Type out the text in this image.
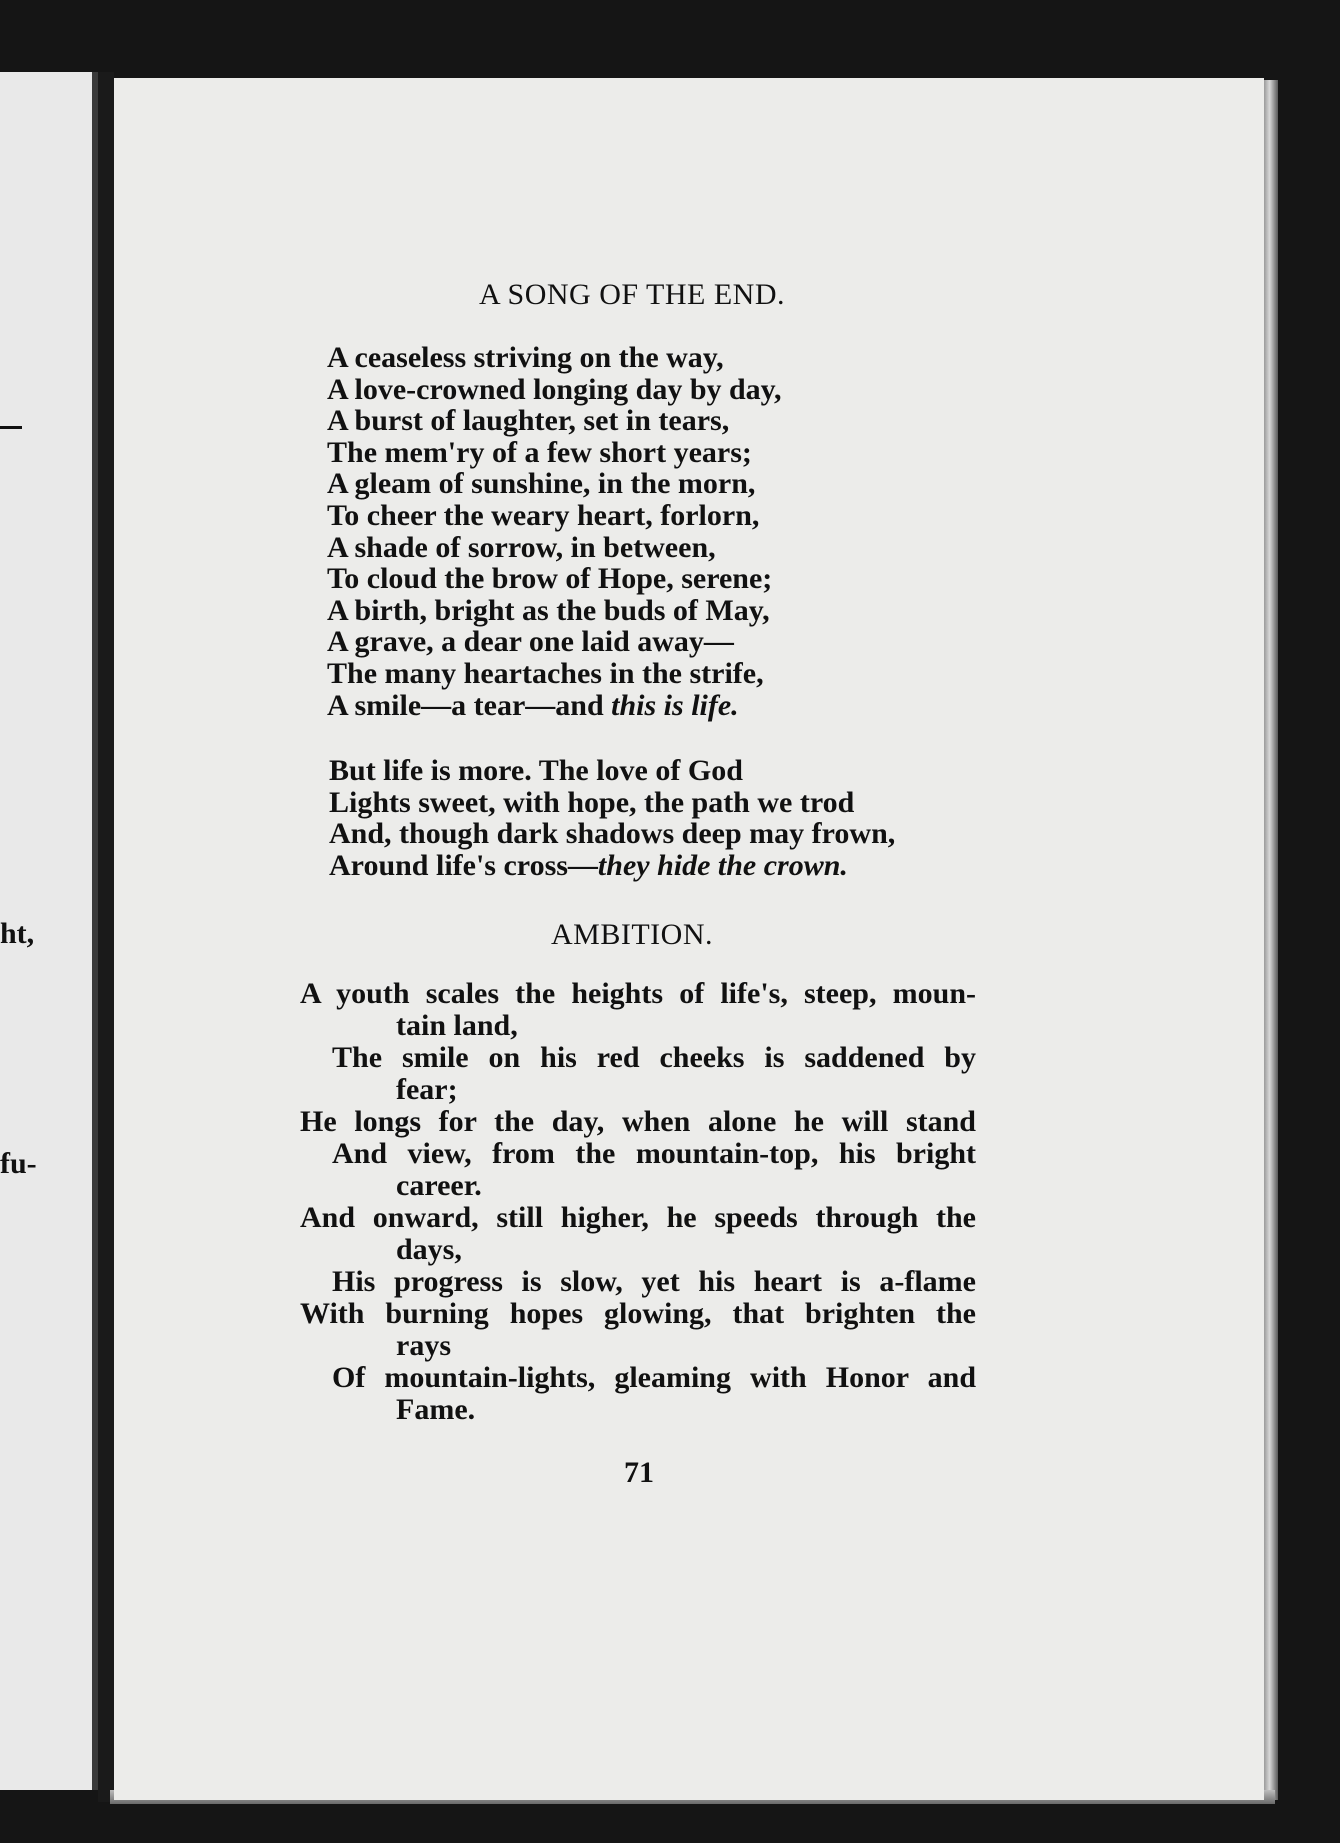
ht,
fu-
A SONG OF THE END.
A ceaseless striving on the way,
A love-crowned longing day by day,
A burst of laughter, set in tears,
The mem'ry of a few short years;
A gleam of sunshine, in the morn,
To cheer the weary heart, forlorn,
A shade of sorrow, in between,
To cloud the brow of Hope, serene;
A birth, bright as the buds of May,
A grave, a dear one laid away—
The many heartaches in the strife,
A smile—a tear—and this is life.
But life is more. The love of God
Lights sweet, with hope, the path we trod
And, though dark shadows deep may frown,
Around life's cross—they hide the crown.
AMBITION.
A youth scales the heights of life's, steep, moun-
tain land,
The smile on his red cheeks is saddened by
fear;
He longs for the day, when alone he will stand
And view, from the mountain-top, his bright
career.
And onward, still higher, he speeds through the
days,
His progress is slow, yet his heart is a-flame
With burning hopes glowing, that brighten the
rays
Of mountain-lights, gleaming with Honor and
Fame.
71
